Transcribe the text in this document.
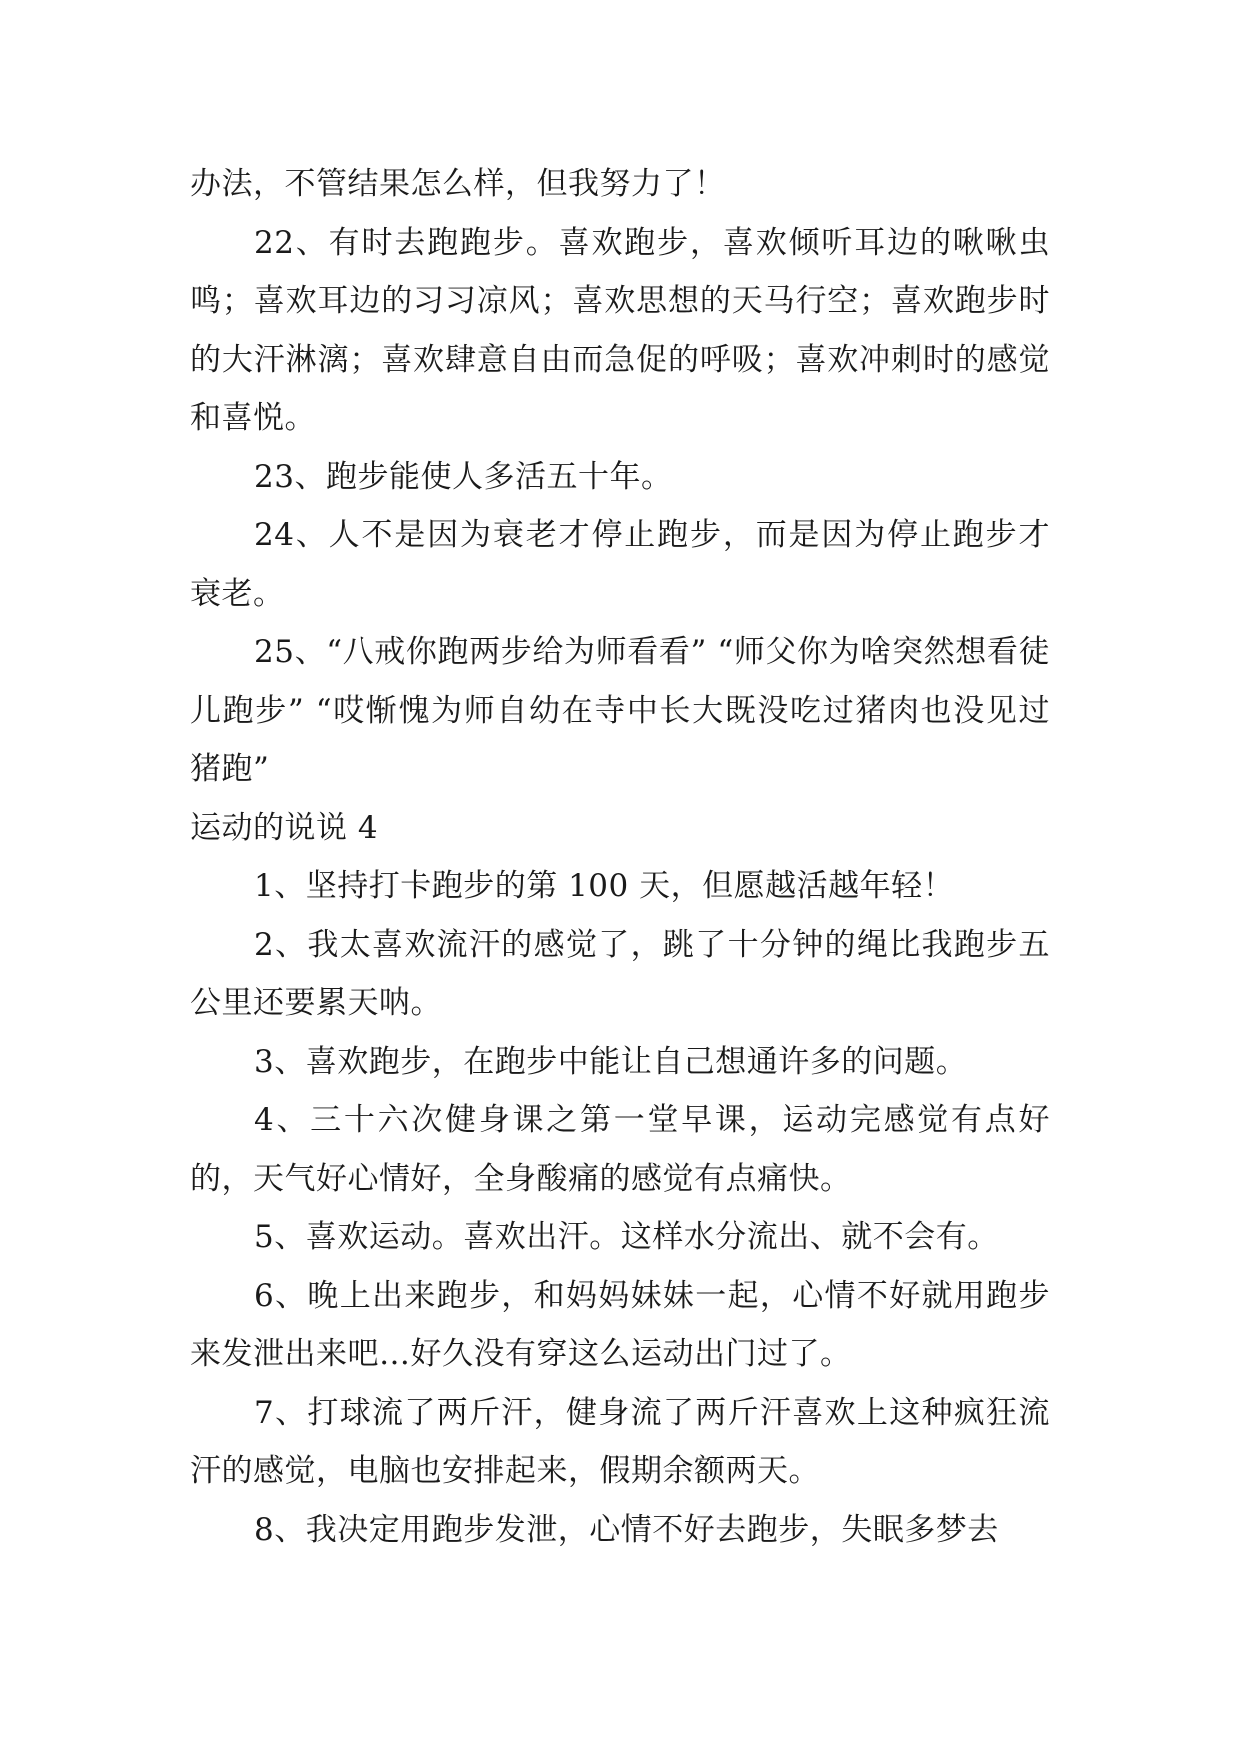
办法，不管结果怎么样，但我努力了！

22、有时去跑跑步。喜欢跑步，喜欢倾听耳边的啾啾虫鸣；喜欢耳边的习习凉风；喜欢思想的天马行空；喜欢跑步时的大汗淋漓；喜欢肆意自由而急促的呼吸；喜欢冲刺时的感觉和喜悦。

23、跑步能使人多活五十年。

24、人不是因为衰老才停止跑步，而是因为停止跑步才衰老。

25、“八戒你跑两步给为师看看” “师父你为啥突然想看徒儿跑步” “哎惭愧为师自幼在寺中长大既没吃过猪肉也没见过猪跑”

运动的说说 4

1、坚持打卡跑步的第 100 天，但愿越活越年轻！

2、我太喜欢流汗的感觉了，跳了十分钟的绳比我跑步五公里还要累天呐。

3、喜欢跑步，在跑步中能让自己想通许多的问题。

4、三十六次健身课之第一堂早课，运动完感觉有点好的，天气好心情好，全身酸痛的感觉有点痛快。

5、喜欢运动。喜欢出汗。这样水分流出、就不会有。

6、晚上出来跑步，和妈妈妹妹一起，心情不好就用跑步来发泄出来吧…好久没有穿这么运动出门过了。

7、打球流了两斤汗，健身流了两斤汗喜欢上这种疯狂流汗的感觉，电脑也安排起来，假期余额两天。

8、我决定用跑步发泄，心情不好去跑步，失眠多梦去
